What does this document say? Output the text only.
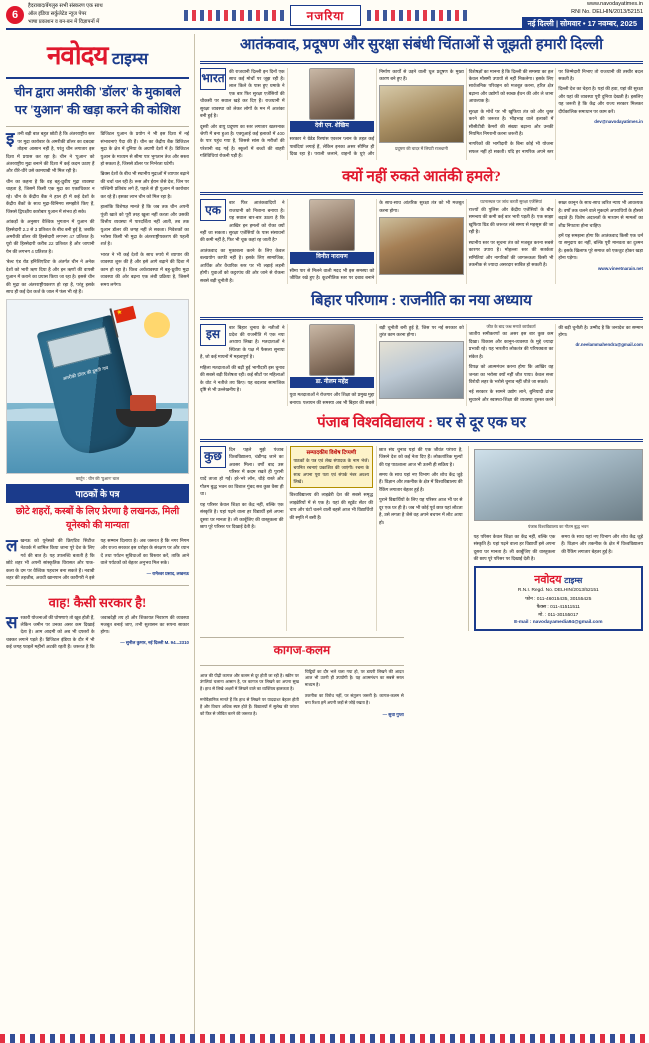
6
हैदराबाद/बेंगलुरु सभी संस्करण एक साथ
ऑल इंडिया सर्कुलेटेड न्यूज पेपर
भाषा प्रकाशन व बन-बन में विज्ञापनों में	नजरिया
www.navodayatimes.in
RNI No. DELHIN/2013/52151
नई दिल्ली | सोमवार • 17 नवम्बर, 2025
नवोदय टाइम्स
चीन द्वारा अमरीकी 'डॉलर' के मुकाबले पर 'युआन' की खड़ा करने की कोशिश

इतनी बड़ी बात बहुत छोटी है कि अंतरराष्ट्रीय स्तर पर मुद्रा कारोबार के अमरीकी डॉलर का दबदबा तोड़ना आसान नहीं है, परंतु चीन लगातार इस दिशा में प्रयास कर रहा है। चीन ने 'युआन' को अंतरराष्ट्रीय मुद्रा बनाने की दिशा में कई कदम उठाए हैं और धीरे-धीरे उसे कामयाबी भी मिल रही है।

चीन का कहना है कि वह बहु-ध्रुवीय मुद्रा व्यवस्था चाहता है, जिसमें किसी एक मुद्रा का एकाधिकार न रहे। चीन के केंद्रीय बैंक ने हाल ही में कई देशों के केंद्रीय बैंकों के साथ मुद्रा-विनिमय समझौते किए हैं, जिससे द्विपक्षीय कारोबार युआन में संभव हो सके।

आंकड़ों के अनुसार वैश्विक भुगतान में युआन की हिस्सेदारी 2.2 से 3 प्रतिशत के बीच बनी हुई है, जबकि अमरीकी डॉलर की हिस्सेदारी लगभग 47 प्रतिशत है। यूरो की हिस्सेदारी करीब 22 प्रतिशत है और जापानी येन की लगभग 4 प्रतिशत है।

'बेल्ट एंड रोड इनिशिएटिव' के अंतर्गत चीन ने अनेक देशों को भारी ऋण दिया है और इन ऋणों की वापसी युआन में कराने का प्रयास किया जा रहा है। इससे चीन की मुद्रा का अंतरराष्ट्रीयकरण हो रहा है, परंतु इसके साथ ही कई देश कर्ज के जाल में फंस भी रहे हैं।

डिजिटल युआन के प्रयोग ने भी इस दिशा में नई संभावनाएं पैदा की हैं। चीन का केंद्रीय बैंक डिजिटल मुद्रा के क्षेत्र में दुनिया के अग्रणी देशों में है। डिजिटल युआन के माध्यम से सीमा पार भुगतान तेज और सस्ता हो सकता है, जिससे डॉलर पर निर्भरता घटेगी।

ब्रिक्स देशों के बीच भी स्थानीय मुद्राओं में व्यापार बढ़ाने की चर्चा चल रही है। रूस और ईरान जैसे देश, जिन पर पश्चिमी प्रतिबंध लगे हैं, पहले से ही युआन में कारोबार कर रहे हैं। इसका लाभ चीन को मिल रहा है।

हालांकि विशेषज्ञ मानते हैं कि जब तक चीन अपनी पूंजी खाते को पूरी तरह खुला नहीं करता और उसकी वित्तीय व्यवस्था में पारदर्शिता नहीं आती, तब तक युआन डॉलर की जगह नहीं ले सकता। निवेशकों का भरोसा किसी भी मुद्रा के अंतरराष्ट्रीयकरण की पहली शर्त है।

भारत ने भी कई देशों के साथ रुपये में व्यापार की व्यवस्था शुरू की है और इसे आगे बढ़ाने की दिशा में काम हो रहा है। विश्व अर्थव्यवस्था में बहु-ध्रुवीय मुद्रा व्यवस्था की ओर बढ़ना एक लंबी प्रक्रिया है, जिसमें समय लगेगा।

अमरीकी डॉलर की डूबती नाव
★
कार्टून : चीन की 'युआन' चाल
पाठकों के पत्र
छोटे शहरों, कस्बों के लिए प्रेरणा है लखनऊ, मिली यूनेस्को की मान्यता

लखनऊ को यूनेस्को की क्रिएटिव सिटीज नेटवर्क में शामिल किया जाना पूरे देश के लिए गर्व की बात है। यह उपलब्धि बताती है कि छोटे शहर भी अपनी सांस्कृतिक विरासत और पाक-कला के दम पर वैश्विक पहचान बना सकते हैं। नवाबी शहर की तहजीब, अवधी खानपान और कारीगरी ने इसे यह सम्मान दिलाया है। अब जरूरत है कि नगर निगम और राज्य सरकार इस धरोहर के संरक्षण पर और ध्यान दें तथा पर्यटन सुविधाओं का विस्तार करें, ताकि आने वाले पर्यटकों को बेहतर अनुभव मिल सके।

— रामेश्वर प्रसाद, लखनऊ

वाह! कैसी सरकार है!

सरकारी योजनाओं की घोषणाएं तो खूब होती हैं, लेकिन जमीन पर उनका असर कम दिखाई देता है। आम आदमी को अब भी दफ्तरों के चक्कर लगाने पड़ते हैं। डिजिटल इंडिया के दौर में भी कई जगह फाइलें महीनों अटकी रहती हैं। जरूरत है कि जवाबदेही तय हो और शिकायत निवारण की व्यवस्था मजबूत बनाई जाए, तभी सुशासन का सपना साकार होगा।

— सुनील कुमार, नई दिल्ली M. 94...2310

आतंकवाद, प्रदूषण और सुरक्षा संबंधी चिंताओं से जूझती हमारी दिल्ली
भारत की राजधानी दिल्ली इन दिनों एक साथ कई मोर्चों पर जूझ रही है। लाल किले के पास हुए धमाके ने एक बार फिर सुरक्षा एजेंसियों की चौकसी पर सवाल खड़े कर दिए हैं। राजधानी में सुरक्षा व्यवस्था को लेकर लोगों के मन में आशंका बनी हुई है।

दूसरी ओर वायु प्रदूषण का स्तर लगातार खतरनाक श्रेणी में बना हुआ है। एक्यूआई कई इलाकों में 400 के पार पहुंच गया है, जिससे सांस के मरीजों की परेशानी बढ़ गई है। स्कूलों में बच्चों की बाहरी गतिविधियां रोकनी पड़ी हैं।

देवी एन. शेखिम

सरकार ने ग्रेडेड रिस्पांस एक्शन प्लान के तहत कई पाबंदियां लगाई हैं, लेकिन इनका असर सीमित ही दिख रहा है। पराली जलाने, वाहनों के धुएं और निर्माण कार्यों से उड़ने वाली धूल प्रदूषण के मुख्य कारण बने हुए हैं।

प्रदूषण की चादर में लिपटी राजधानी

विशेषज्ञों का मानना है कि दिल्ली की समस्या का हल केवल मौसमी उपायों से नहीं निकलेगा। इसके लिए सार्वजनिक परिवहन को मजबूत करना, हरित क्षेत्र बढ़ाना और उद्योगों को स्वच्छ ईंधन की ओर ले जाना आवश्यक है।

सुरक्षा के मोर्चे पर भी खुफिया तंत्र को और चुस्त करने की जरूरत है। भीड़भाड़ वाले इलाकों में सीसीटीवी कैमरों की संख्या बढ़ाना और उनकी नियमित निगरानी करना जरूरी है।

नागरिकों की भागीदारी के बिना कोई भी योजना सफल नहीं हो सकती। यदि हर नागरिक अपने स्तर पर जिम्मेदारी निभाए तो राजधानी की तस्वीर बदल सकती है।

दिल्ली देश का चेहरा है। यहां की हवा, यहां की सुरक्षा और यहां की व्यवस्था पूरी दुनिया देखती है। इसलिए यह जरूरी है कि केंद्र और राज्य सरकार मिलकर दीर्घकालिक समाधान पर काम करें।

dev@navodayatimes.in

क्यों नहीं रुकते आतंकी हमले?
एक	बार फिर आतंकवादियों ने राजधानी को निशाना बनाया है। यह सवाल बार-बार उठता है कि आखिर इन हमलों को रोका क्यों नहीं जा सकता। सुरक्षा एजेंसियों के पास संसाधनों की कमी नहीं है, फिर भी चूक कहां रह जाती है?

आतंकवाद का मुकाबला करने के लिए केवल बलप्रयोग काफी नहीं है। इसके लिए सामाजिक, आर्थिक और वैचारिक स्तर पर भी लड़ाई लड़नी होगी। युवाओं को कट्टरपंथ की ओर जाने से रोकना सबसे बड़ी चुनौती है।

विनीत नारायण

सीमा पार से मिलने वाली मदद भी इस समस्या को जीवित रखे हुए है। कूटनीतिक स्तर पर दबाव बनाने के साथ-साथ आंतरिक सुरक्षा तंत्र को भी मजबूत करना होगा।

घटनास्थल पर जांच करती सुरक्षा एजेंसियां

राज्यों की पुलिस और केंद्रीय एजेंसियों के बीच समन्वय की कमी कई बार भारी पड़ती है। एक साझा खुफिया ग्रिड की जरूरत लंबे समय से महसूस की जा रही है।

स्थानीय स्तर पर सूचना तंत्र को मजबूत करना सबसे कारगर उपाय है। मोहल्ला स्तर की सतर्कता समितियां और नागरिकों की जागरूकता किसी भी तकनीक से ज्यादा असरदार साबित हो सकती है।

सख्त कानून के साथ-साथ त्वरित न्याय भी आवश्यक है। वर्षों तक चलने वाले मुकदमे अपराधियों के हौसले बढ़ाते हैं। विशेष अदालतों के माध्यम से मामलों का शीघ्र निपटारा होना चाहिए।

हमें यह समझना होगा कि आतंकवाद किसी एक धर्म या समुदाय का नहीं, बल्कि पूरी मानवता का दुश्मन है। इसके खिलाफ पूरे समाज को एकजुट होकर खड़ा होना पड़ेगा।

www.vineetnarain.net

बिहार परिणाम : राजनीति का नया अध्याय
इस	बार बिहार चुनाव के नतीजों ने प्रदेश की राजनीति में एक नया अध्याय लिखा है। मतदाताओं ने स्थिरता के पक्ष में फैसला सुनाया है, जो कई मायनों में महत्वपूर्ण है।

महिला मतदाताओं की बढ़ी हुई भागीदारी इस चुनाव की सबसे बड़ी विशेषता रही। कई सीटों पर महिलाओं के वोट ने नतीजे तय किए। यह बदलाव सामाजिक दृष्टि से भी उल्लेखनीय है।

डा. नीलम महेंद्र

युवा मतदाताओं ने रोजगार और शिक्षा को प्रमुख मुद्दा बनाया। पलायन की समस्या अब भी बिहार की सबसे बड़ी चुनौती बनी हुई है, जिस पर नई सरकार को तुरंत काम करना होगा।

जीत के बाद जश्न मनाते कार्यकर्ता

जातीय समीकरणों का असर इस बार कुछ कम दिखा। विकास और कानून-व्यवस्था के मुद्दे ज्यादा प्रभावी रहे। यह भारतीय लोकतंत्र की परिपक्वता का संकेत है।

विपक्ष को आत्ममंथन करना होगा कि आखिर वह जनता का भरोसा क्यों नहीं जीत पाया। केवल सत्ता विरोधी लहर के भरोसे चुनाव नहीं जीते जा सकते।

नई सरकार के सामने उद्योग लाने, बुनियादी ढांचा सुधारने और स्वास्थ्य-शिक्षा की व्यवस्था दुरुस्त करने की बड़ी चुनौती है। उम्मीद है कि जनादेश का सम्मान होगा।

dr.neelammahendra@gmail.com

पंजाब विश्वविद्यालय : घर से दूर एक घर
कुछ	दिन पहले मुझे पंजाब विश्वविद्यालय, चंडीगढ़ जाने का अवसर मिला। वर्षों बाद उस परिसर में कदम रखते ही पुरानी यादें ताजा हो गईं। हरे-भरे लॉन, चौड़े रास्ते और गौतम बुद्ध भवन का विशाल गुंबद सब कुछ वैसा ही था।

यह परिसर केवल शिक्षा का केंद्र नहीं, बल्कि एक संस्कृति है। यहां पढ़ने वाला हर विद्यार्थी इसे अपना दूसरा घर मानता है। ली कार्बूजिए की वास्तुकला की छाप पूरे परिसर पर दिखाई देती है।

सम्पादकीय विशेष टिप्पणी
पाठकों के पत्र एवं लेख संपादक के नाम भेजें। चयनित रचनाएं प्रकाशित की जाएंगी। रचना के साथ अपना पूरा पता एवं संपर्क नंबर अवश्य लिखें।

विश्वविद्यालय की लाइब्रेरी देश की सबसे समृद्ध लाइब्रेरियों में से एक है। यहां की स्टूडेंट सेंटर की चाय और घंटों चलने वाली बहसें आज भी विद्यार्थियों की स्मृति में बसी हैं।

छात्र संघ चुनाव यहां की एक जीवंत परंपरा है, जिसने देश को कई नेता दिए हैं। लोकतांत्रिक मूल्यों की यह पाठशाला आज भी उतनी ही सक्रिय है।

समय के साथ यहां नए विभाग और शोध केंद्र जुड़े हैं। विज्ञान और तकनीक के क्षेत्र में विश्वविद्यालय की रैंकिंग लगातार बेहतर हुई है।

पुराने विद्यार्थियों के लिए यह परिसर आज भी घर से दूर एक घर ही है। जब भी कोई पूर्व छात्र यहां लौटता है, उसे लगता है जैसे वह अपने बचपन में लौट आया हो।

पंजाब विश्वविद्यालय का गौतम बुद्ध भवन

यह परिसर केवल शिक्षा का केंद्र नहीं, बल्कि एक संस्कृति है। यहां पढ़ने वाला हर विद्यार्थी इसे अपना दूसरा घर मानता है। ली कार्बूजिए की वास्तुकला की छाप पूरे परिसर पर दिखाई देती है।

समय के साथ यहां नए विभाग और शोध केंद्र जुड़े हैं। विज्ञान और तकनीक के क्षेत्र में विश्वविद्यालय की रैंकिंग लगातार बेहतर हुई है।

नवोदय टाइम्स
R.N.I. Regd. No. DELHIN/2013/52151
फोन : 011-46015435, 30155425
फैक्स : 011-41511511
मो. : 011-30155017
E-mail : navodayamedia94@gmail.com
कागज-कलम

आज की पीढ़ी कागज और कलम से दूर होती जा रही है। स्क्रीन पर उंगलियां चलाना आसान है, पर कागज पर लिखने का अपना सुख है। हाथ से लिखे अक्षरों में लिखने वाले का व्यक्तित्व झलकता है।

मनोवैज्ञानिक मानते हैं कि हाथ से लिखने पर याददाश्त बेहतर होती है और विचार अधिक स्पष्ट होते हैं। विद्यालयों में सुलेख की परंपरा को फिर से जीवित करने की जरूरत है।

चिट्ठियों का दौर भले चला गया हो, पर डायरी लिखने की आदत आज भी उतनी ही उपयोगी है। यह आत्ममंथन का सबसे सरल माध्यम है।

तकनीक का विरोध नहीं, पर संतुलन जरूरी है। कागज-कलम से बना रिश्ता हमें अपनी जड़ों से जोड़े रखता है।

— सुधा गुप्ता
